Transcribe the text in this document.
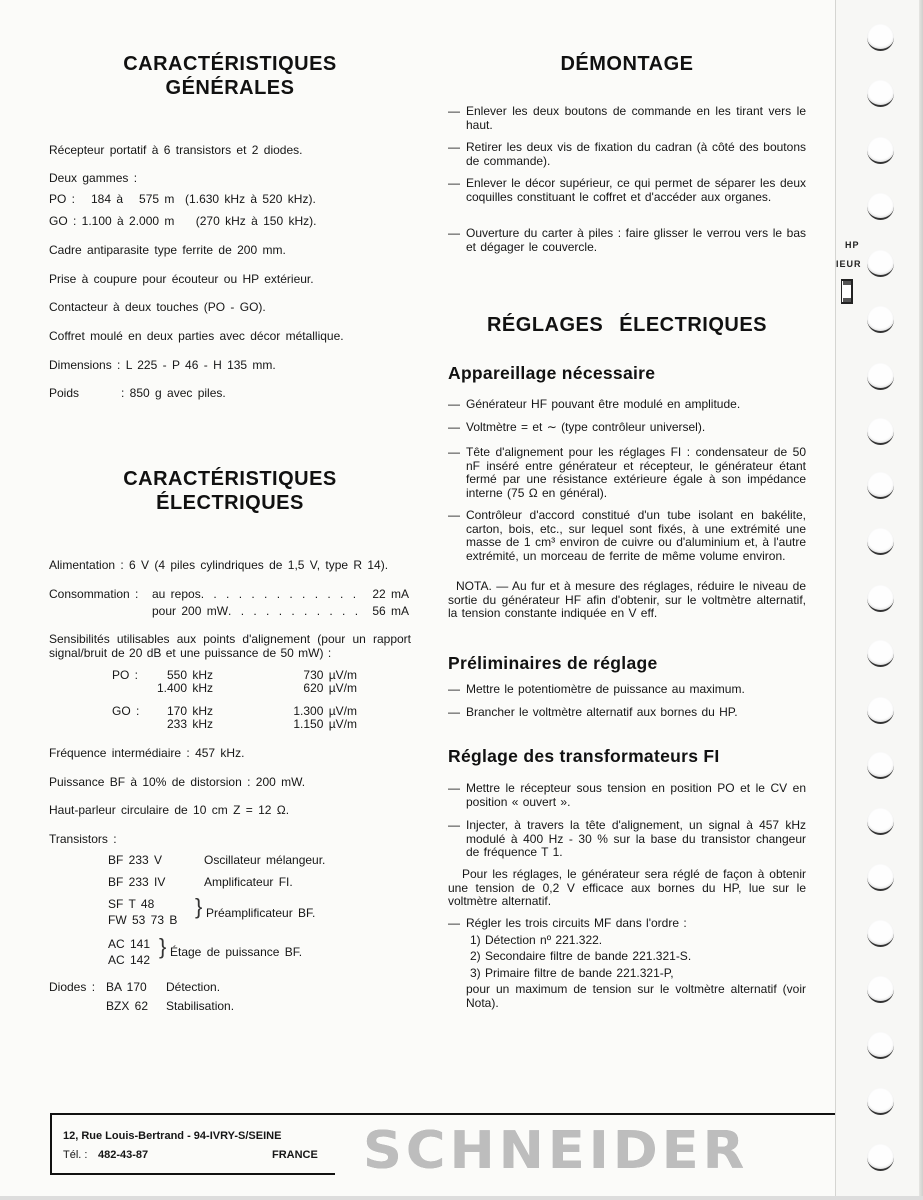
CARACTÉRISTIQUES
GÉNÉRALES
Récepteur portatif à 6 transistors et 2 diodes.
Deux gammes :
PO :   184 à   575 m  (1.630 kHz à 520 kHz).
GO : 1.100 à 2.000 m    (270 kHz à 150 kHz).
Cadre antiparasite type ferrite de 200 mm.
Prise à coupure pour écouteur ou HP extérieur.
Contacteur à deux touches (PO - GO).
Coffret moulé en deux parties avec décor métallique.
Dimensions : L 225 - P 46 - H 135 mm.
Poids	: 850 g avec piles.
CARACTÉRISTIQUES
ÉLECTRIQUES
Alimentation : 6 V (4 piles cylindriques de 1,5 V, type R 14).
Consommation : au repos . . .	22 mA
pour 200 mW . . .	56 mA
Sensibilités utilisables aux points d'alignement (pour un rapport signal/bruit de 20 dB et une puissance de 50 mW) :
PO :	550 kHz	730 µV/m
1.400 kHz	620 µV/m
GO :	170 kHz	1.300 µV/m
233 kHz	1.150 µV/m
Fréquence intermédiaire : 457 kHz.
Puissance BF à 10% de distorsion : 200 mW.
Haut-parleur circulaire de 10 cm Z = 12 Ω.
Transistors :
BF 233 V	Oscillateur mélangeur.
BF 233 IV	Amplificateur FI.
SF T 48
FW 53 73 B
} Préamplificateur BF.
AC 141
AC 142
} Étage de puissance BF.
Diodes : BA 170 Détection.
BZX 62 Stabilisation.
DÉMONTAGE
— Enlever les deux boutons de commande en les tirant vers le haut.
— Retirer les deux vis de fixation du cadran (à côté des boutons de commande).
— Enlever le décor supérieur, ce qui permet de séparer les deux coquilles constituant le coffret et d'accéder aux organes.
— Ouverture du carter à piles : faire glisser le verrou vers le bas et dégager le couvercle.
RÉGLAGES ÉLECTRIQUES
Appareillage nécessaire
— Générateur HF pouvant être modulé en amplitude.
— Voltmètre = et ∼ (type contrôleur universel).
— Tête d'alignement pour les réglages FI : condensateur de 50 nF inséré entre générateur et récepteur, le générateur étant fermé par une résistance extérieure égale à son impédance interne (75 Ω en général).
— Contrôleur d'accord constitué d'un tube isolant en bakélite, carton, bois, etc., sur lequel sont fixés, à une extrémité une masse de 1 cm³ environ de cuivre ou d'aluminium et, à l'autre extrémité, un morceau de ferrite de même volume environ.
NOTA. — Au fur et à mesure des réglages, réduire le niveau de sortie du générateur HF afin d'obtenir, sur le voltmètre alternatif, la tension constante indiquée en V eff.
Préliminaires de réglage
— Mettre le potentiomètre de puissance au maximum.
— Brancher le voltmètre alternatif aux bornes du HP.
Réglage des transformateurs FI
— Mettre le récepteur sous tension en position PO et le CV en position « ouvert ».
— Injecter, à travers la tête d'alignement, un signal à 457 kHz modulé à 400 Hz - 30 % sur la base du transistor changeur de fréquence T 1.
Pour les réglages, le générateur sera réglé de façon à obtenir une tension de 0,2 V efficace aux bornes du HP, lue sur le voltmètre alternatif.
— Régler les trois circuits MF dans l'ordre :
1) Détection nº 221.322.
2) Secondaire filtre de bande 221.321-S.
3) Primaire filtre de bande 221.321-P,
pour un maximum de tension sur le voltmètre alternatif (voir Nota).
12, Rue Louis-Bertrand - 94-IVRY-S/SEINE
Tél. : 482-43-87	FRANCE SCHNEIDER
HP
IEUR
